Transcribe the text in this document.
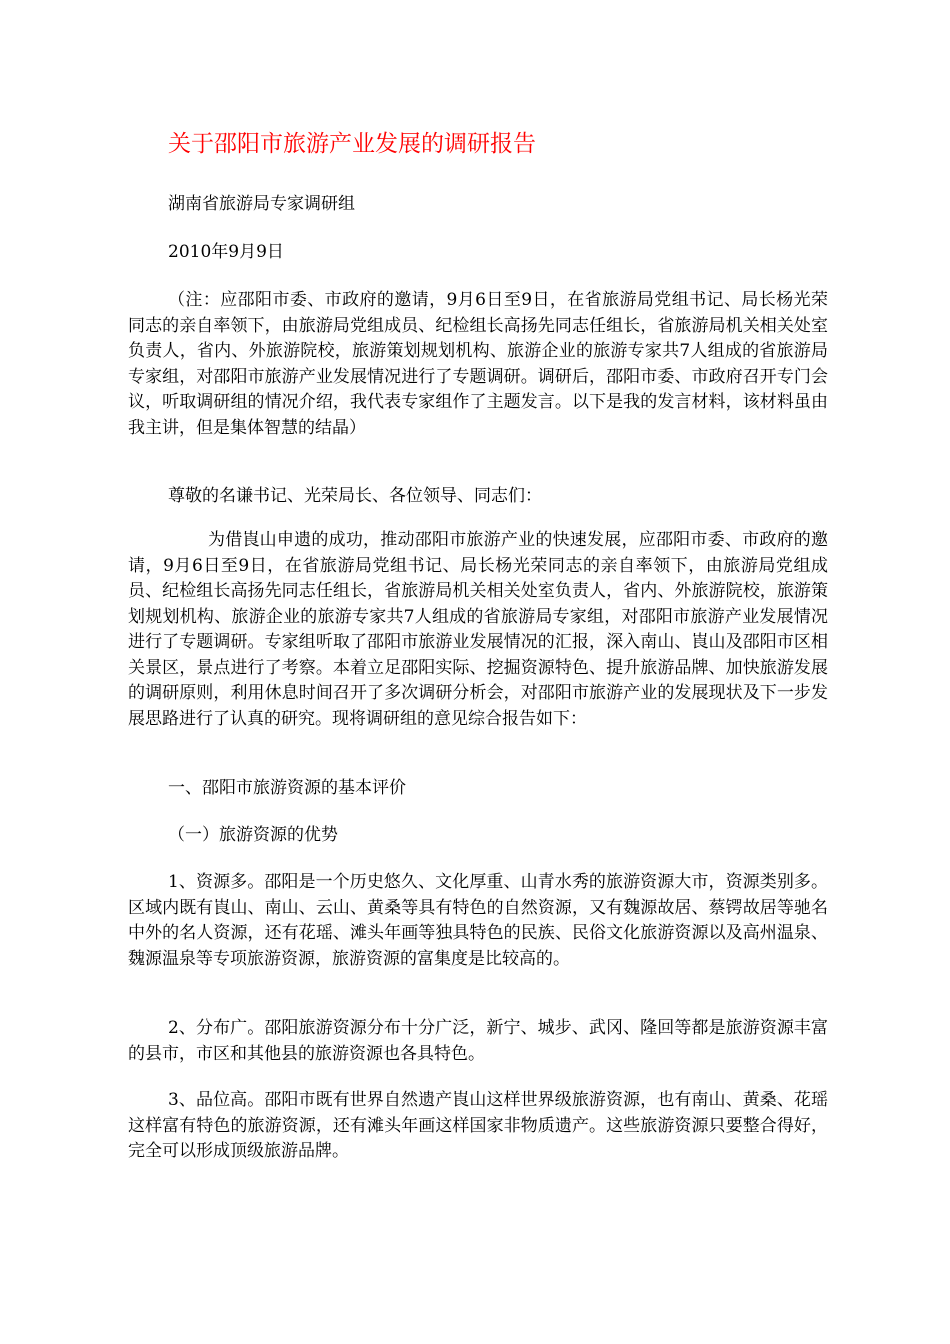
关于邵阳市旅游产业发展的调研报告

湖南省旅游局专家调研组

2010年9月9日

（注：应邵阳市委、市政府的邀请，9月6日至9日，在省旅游局党组书记、局长杨光荣同志的亲自率领下，由旅游局党组成员、纪检组长高扬先同志任组长，省旅游局机关相关处室负责人，省内、外旅游院校，旅游策划规划机构、旅游企业的旅游专家共7人组成的省旅游局专家组，对邵阳市旅游产业发展情况进行了专题调研。调研后，邵阳市委、市政府召开专门会议，听取调研组的情况介绍，我代表专家组作了主题发言。以下是我的发言材料，该材料虽由我主讲，但是集体智慧的结晶）

尊敬的名谦书记、光荣局长、各位领导、同志们：

为借崀山申遗的成功，推动邵阳市旅游产业的快速发展，应邵阳市委、市政府的邀请，9月6日至9日，在省旅游局党组书记、局长杨光荣同志的亲自率领下，由旅游局党组成员、纪检组长高扬先同志任组长，省旅游局机关相关处室负责人，省内、外旅游院校，旅游策划规划机构、旅游企业的旅游专家共7人组成的省旅游局专家组，对邵阳市旅游产业发展情况进行了专题调研。专家组听取了邵阳市旅游业发展情况的汇报，深入南山、崀山及邵阳市区相关景区，景点进行了考察。本着立足邵阳实际、挖掘资源特色、提升旅游品牌、加快旅游发展的调研原则，利用休息时间召开了多次调研分析会，对邵阳市旅游产业的发展现状及下一步发展思路进行了认真的研究。现将调研组的意见综合报告如下：

一、邵阳市旅游资源的基本评价

（一）旅游资源的优势

1、资源多。邵阳是一个历史悠久、文化厚重、山青水秀的旅游资源大市，资源类别多。区域内既有崀山、南山、云山、黄桑等具有特色的自然资源，又有魏源故居、蔡锷故居等驰名中外的名人资源，还有花瑶、滩头年画等独具特色的民族、民俗文化旅游资源以及高州温泉、魏源温泉等专项旅游资源，旅游资源的富集度是比较高的。

2、分布广。邵阳旅游资源分布十分广泛，新宁、城步、武冈、隆回等都是旅游资源丰富的县市，市区和其他县的旅游资源也各具特色。

3、品位高。邵阳市既有世界自然遗产崀山这样世界级旅游资源，也有南山、黄桑、花瑶这样富有特色的旅游资源，还有滩头年画这样国家非物质遗产。这些旅游资源只要整合得好，完全可以形成顶级旅游品牌。
